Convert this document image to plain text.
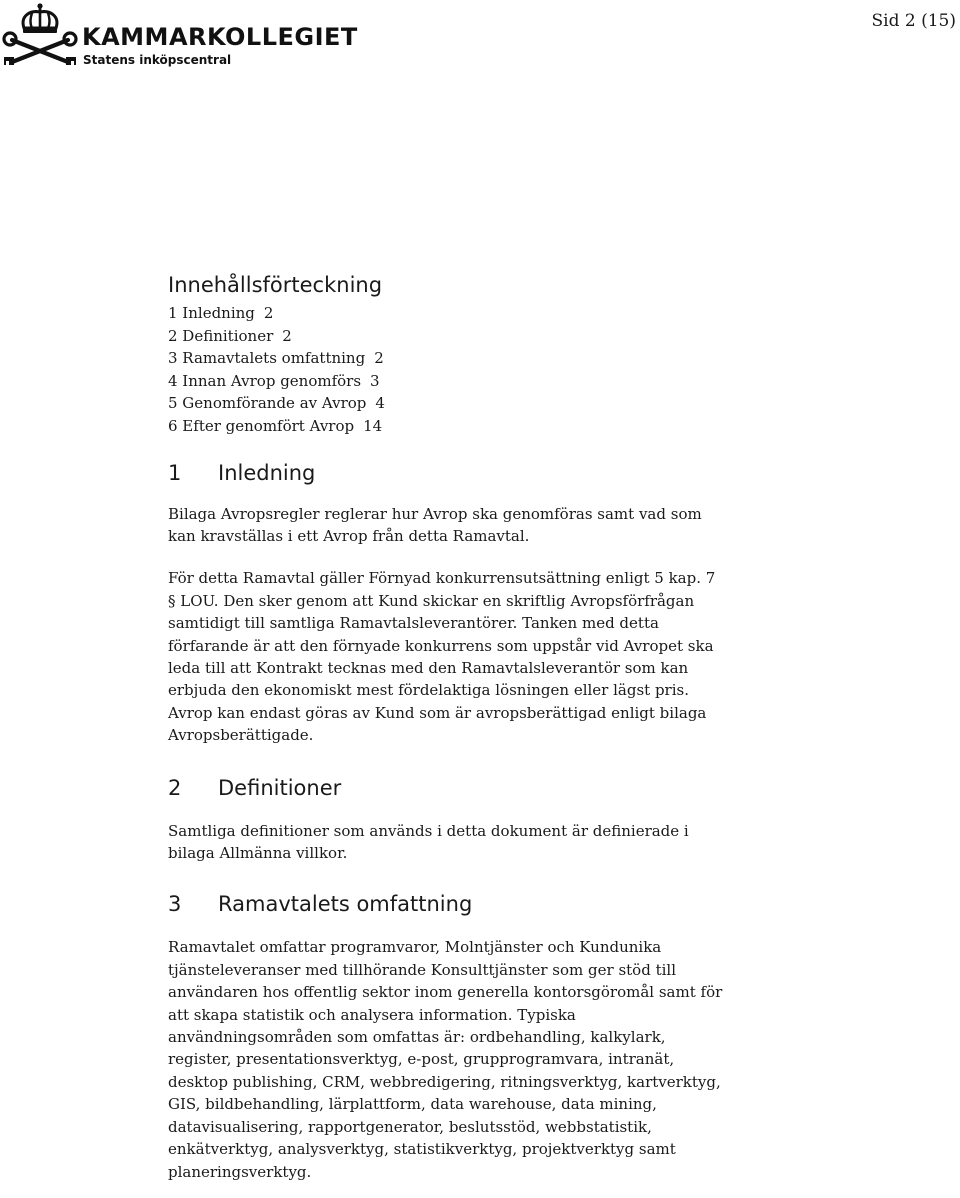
KAMMARKOLLEGIET
Statens inköpscentral
Sid 2 (15)
Innehållsförteckning
1 Inledning 2
2 Definitioner 2
3 Ramavtalets omfattning 2
4 Innan Avrop genomförs 3
5 Genomförande av Avrop 4
6 Efter genomfört Avrop 14
1 Inledning

Bilaga Avropsregler reglerar hur Avrop ska genomföras samt vad som
kan kravställas i ett Avrop från detta Ramavtal.

För detta Ramavtal gäller Förnyad konkurrensutsättning enligt 5 kap. 7
§ LOU. Den sker genom att Kund skickar en skriftlig Avropsförfrågan
samtidigt till samtliga Ramavtalsleverantörer. Tanken med detta
förfarande är att den förnyade konkurrens som uppstår vid Avropet ska
leda till att Kontrakt tecknas med den Ramavtalsleverantör som kan
erbjuda den ekonomiskt mest fördelaktiga lösningen eller lägst pris.
Avrop kan endast göras av Kund som är avropsberättigad enligt bilaga
Avropsberättigade.

2 Definitioner

Samtliga definitioner som används i detta dokument är definierade i
bilaga Allmänna villkor.

3 Ramavtalets omfattning

Ramavtalet omfattar programvaror, Molntjänster och Kundunika
tjänsteleveranser med tillhörande Konsulttjänster som ger stöd till
användaren hos offentlig sektor inom generella kontorsgöromål samt för
att skapa statistik och analysera information. Typiska
användningsområden som omfattas är: ordbehandling, kalkylark,
register, presentationsverktyg, e-post, grupprogramvara, intranät,
desktop publishing, CRM, webbredigering, ritningsverktyg, kartverktyg,
GIS, bildbehandling, lärplattform, data warehouse, data mining,
datavisualisering, rapportgenerator, beslutsstöd, webbstatistik,
enkätverktyg, analysverktyg, statistikverktyg, projektverktyg samt
planeringsverktyg.
